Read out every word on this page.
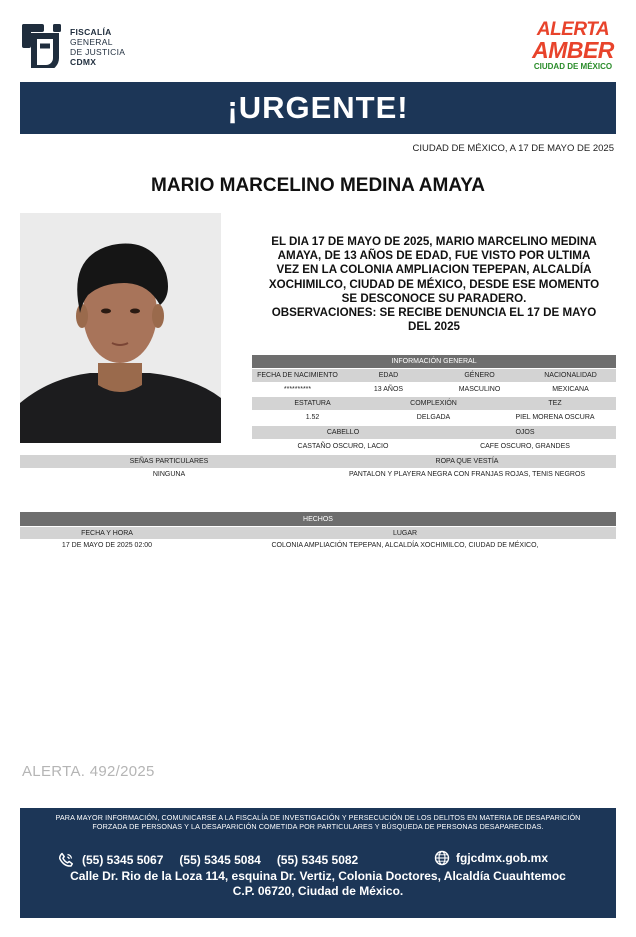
FISCALÍA
GENERAL
DE JUSTICIA
CDMX
ALERTA
AMBER
CIUDAD DE MÉXICO
¡URGENTE!
CIUDAD DE MÉXICO, A 17 DE MAYO DE 2025
MARIO MARCELINO MEDINA AMAYA
EL DIA 17 DE MAYO DE 2025, MARIO MARCELINO MEDINA
AMAYA, DE 13 AÑOS DE EDAD, FUE VISTO POR ULTIMA
VEZ EN LA COLONIA AMPLIACION TEPEPAN, ALCALDÍA
XOCHIMILCO, CIUDAD DE MÉXICO, DESDE ESE MOMENTO
SE DESCONOCE SU PARADERO.
OBSERVACIONES: SE RECIBE DENUNCIA EL 17 DE MAYO
DEL 2025
INFORMACIÓN GENERAL
FECHA DE NACIMIENTO	EDAD	GÉNERO	NACIONALIDAD
**********	13 AÑOS	MASCULINO	MEXICANA
ESTATURA	COMPLEXIÓN	TEZ
1.52	DELGADA	PIEL MORENA OSCURA
CABELLO	OJOS
CASTAÑO OSCURO, LACIO	CAFE OSCURO, GRANDES
SEÑAS PARTICULARES	ROPA QUE VESTÍA
NINGUNA	PANTALON Y PLAYERA NEGRA CON FRANJAS ROJAS, TENIS NEGROS
HECHOS
FECHA Y HORA	LUGAR
17 DE MAYO DE 2025 02:00	COLONIA AMPLIACIÓN TEPEPAN, ALCALDÍA XOCHIMILCO, CIUDAD DE MÉXICO,
ALERTA. 492/2025
PARA MAYOR INFORMACIÓN, COMUNICARSE A LA FISCALÍA DE INVESTIGACIÓN Y PERSECUCIÓN DE LOS DELITOS EN MATERIA DE DESAPARICIÓN
FORZADA DE PERSONAS Y LA DESAPARICIÓN COMETIDA POR PARTICULARES Y BÚSQUEDA DE PERSONAS DESAPARECIDAS.
(55) 5345 5067 (55) 5345 5084 (55) 5345 5082	fgjcdmx.gob.mx
Calle Dr. Rio de la Loza 114, esquina Dr. Vertiz, Colonia Doctores, Alcaldía Cuauhtemoc
C.P. 06720, Ciudad de México.
